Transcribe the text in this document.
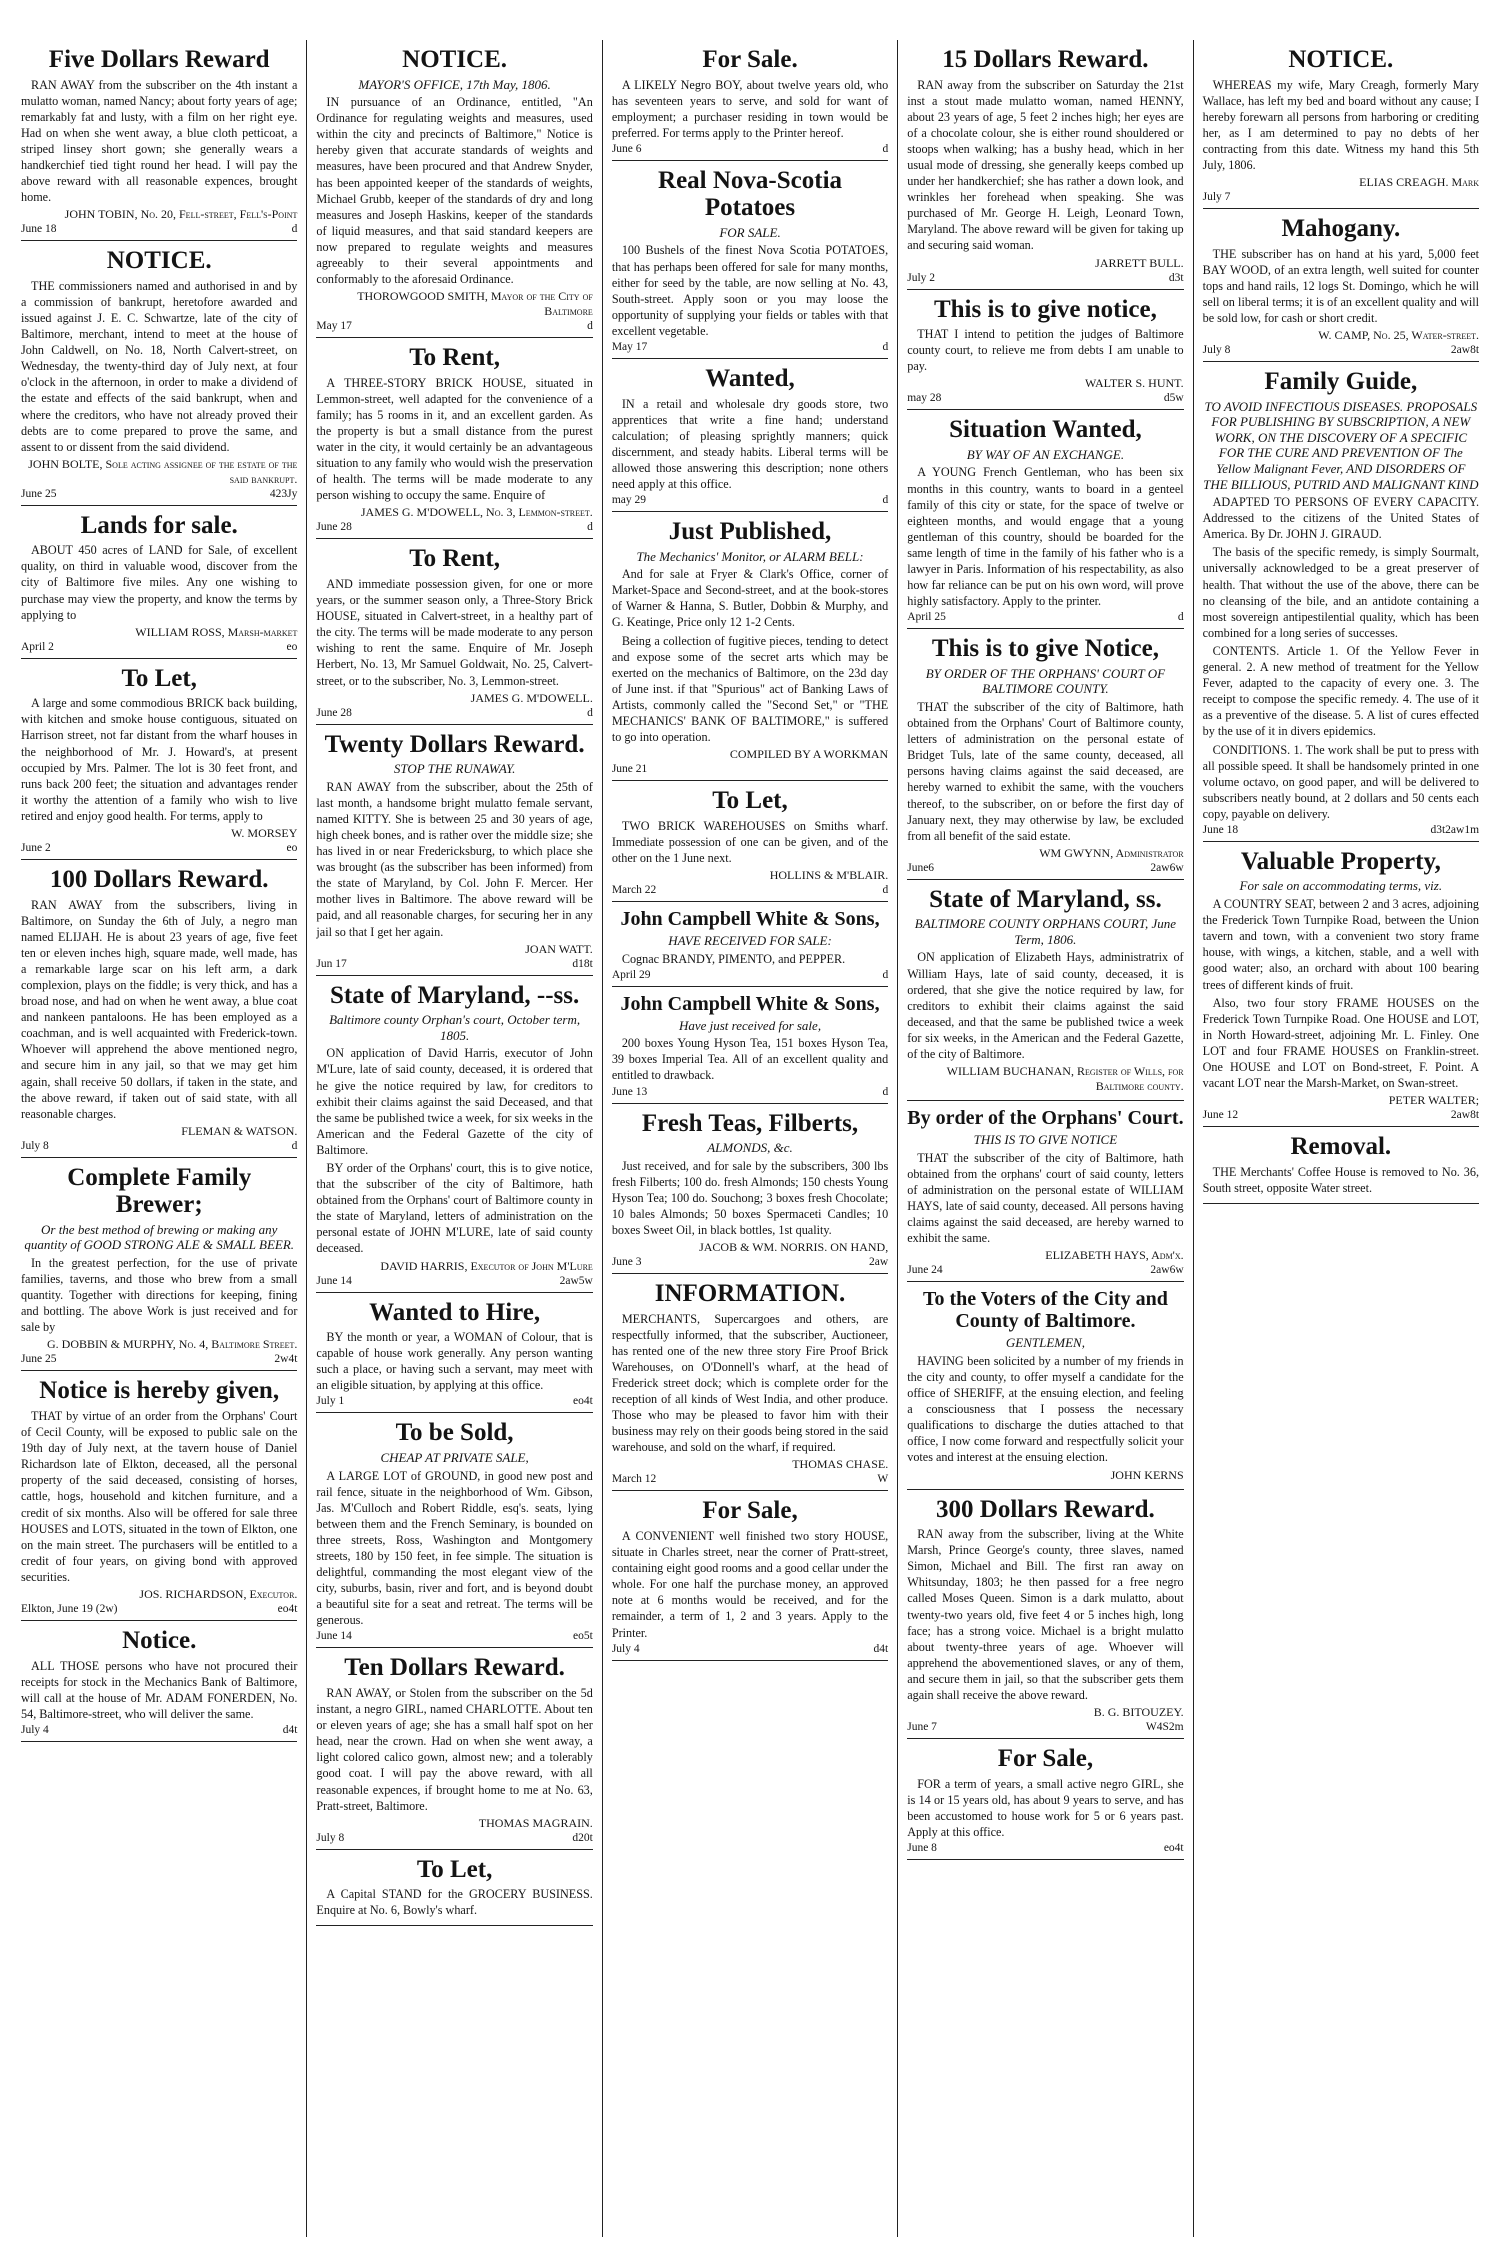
Five Dollars Reward

RAN AWAY from the subscriber on the 4th instant a mulatto woman, named Nancy; about forty years of age; remarkably fat and lusty, with a film on her right eye. Had on when she went away, a blue cloth petticoat, a striped linsey short gown; she generally wears a handkerchief tied tight round her head. I will pay the above reward with all reasonable expences, brought home.

JOHN TOBIN, No. 20, Fell-street, Fell's-Point
June 18	d
NOTICE.

THE commissioners named and authorised in and by a commission of bankrupt, heretofore awarded and issued against J. E. C. Schwartze, late of the city of Baltimore, merchant, intend to meet at the house of John Caldwell, on No. 18, North Calvert-street, on Wednesday, the twenty-third day of July next, at four o'clock in the afternoon, in order to make a dividend of the estate and effects of the said bankrupt, when and where the creditors, who have not already proved their debts are to come prepared to prove the same, and assent to or dissent from the said dividend.

JOHN BOLTE, Sole acting assignee of the estate of the said bankrupt.
June 25	423Jy
Lands for sale.

ABOUT 450 acres of LAND for Sale, of excellent quality, on third in valuable wood, discover from the city of Baltimore five miles. Any one wishing to purchase may view the property, and know the terms by applying to

WILLIAM ROSS, Marsh-market
April 2	eo
To Let,

A large and some commodious BRICK back building, with kitchen and smoke house contiguous, situated on Harrison street, not far distant from the wharf houses in the neighborhood of Mr. J. Howard's, at present occupied by Mrs. Palmer. The lot is 30 feet front, and runs back 200 feet; the situation and advantages render it worthy the attention of a family who wish to live retired and enjoy good health. For terms, apply to

W. MORSEY
June 2	eo
100 Dollars Reward.

RAN AWAY from the subscribers, living in Baltimore, on Sunday the 6th of July, a negro man named ELIJAH. He is about 23 years of age, five feet ten or eleven inches high, square made, well made, has a remarkable large scar on his left arm, a dark complexion, plays on the fiddle; is very thick, and has a broad nose, and had on when he went away, a blue coat and nankeen pantaloons. He has been employed as a coachman, and is well acquainted with Frederick-town. Whoever will apprehend the above mentioned negro, and secure him in any jail, so that we may get him again, shall receive 50 dollars, if taken in the state, and the above reward, if taken out of said state, with all reasonable charges.

FLEMAN & WATSON.
July 8	d
Complete Family Brewer;
Or the best method of brewing or making any quantity of GOOD STRONG ALE & SMALL BEER.

In the greatest perfection, for the use of private families, taverns, and those who brew from a small quantity. Together with directions for keeping, fining and bottling. The above Work is just received and for sale by

G. DOBBIN & MURPHY, No. 4, Baltimore Street.
June 25	2w4t
Notice is hereby given,

THAT by virtue of an order from the Orphans' Court of Cecil County, will be exposed to public sale on the 19th day of July next, at the tavern house of Daniel Richardson late of Elkton, deceased, all the personal property of the said deceased, consisting of horses, cattle, hogs, household and kitchen furniture, and a credit of six months. Also will be offered for sale three HOUSES and LOTS, situated in the town of Elkton, one on the main street. The purchasers will be entitled to a credit of four years, on giving bond with approved securities.

JOS. RICHARDSON, Executor.
Elkton, June 19 (2w)	eo4t
Notice.

ALL THOSE persons who have not procured their receipts for stock in the Mechanics Bank of Baltimore, will call at the house of Mr. ADAM FONERDEN, No. 54, Baltimore-street, who will deliver the same.

July 4	d4t
NOTICE.
MAYOR'S OFFICE, 17th May, 1806.

IN pursuance of an Ordinance, entitled, "An Ordinance for regulating weights and measures, used within the city and precincts of Baltimore," Notice is hereby given that accurate standards of weights and measures, have been procured and that Andrew Snyder, has been appointed keeper of the standards of weights, Michael Grubb, keeper of the standards of dry and long measures and Joseph Haskins, keeper of the standards of liquid measures, and that said standard keepers are now prepared to regulate weights and measures agreeably to their several appointments and conformably to the aforesaid Ordinance.

THOROWGOOD SMITH, Mayor of the City of Baltimore
May 17	d
To Rent,

A THREE-STORY BRICK HOUSE, situated in Lemmon-street, well adapted for the convenience of a family; has 5 rooms in it, and an excellent garden. As the property is but a small distance from the purest water in the city, it would certainly be an advantageous situation to any family who would wish the preservation of health. The terms will be made moderate to any person wishing to occupy the same. Enquire of

JAMES G. M'DOWELL, No. 3, Lemmon-street.
June 28	d
To Rent,

AND immediate possession given, for one or more years, or the summer season only, a Three-Story Brick HOUSE, situated in Calvert-street, in a healthy part of the city. The terms will be made moderate to any person wishing to rent the same. Enquire of Mr. Joseph Herbert, No. 13, Mr Samuel Goldwait, No. 25, Calvert-street, or to the subscriber, No. 3, Lemmon-street.

JAMES G. M'DOWELL.
June 28	d
Twenty Dollars Reward.
STOP THE RUNAWAY.

RAN AWAY from the subscriber, about the 25th of last month, a handsome bright mulatto female servant, named KITTY. She is between 25 and 30 years of age, high cheek bones, and is rather over the middle size; she has lived in or near Fredericksburg, to which place she was brought (as the subscriber has been informed) from the state of Maryland, by Col. John F. Mercer. Her mother lives in Baltimore. The above reward will be paid, and all reasonable charges, for securing her in any jail so that I get her again.

JOAN WATT.
Jun 17	d18t
State of Maryland, --ss.
Baltimore county Orphan's court, October term, 1805.

ON application of David Harris, executor of John M'Lure, late of said county, deceased, it is ordered that he give the notice required by law, for creditors to exhibit their claims against the said Deceased, and that the same be published twice a week, for six weeks in the American and the Federal Gazette of the city of Baltimore.

BY order of the Orphans' court, this is to give notice, that the subscriber of the city of Baltimore, hath obtained from the Orphans' court of Baltimore county in the state of Maryland, letters of administration on the personal estate of JOHN M'LURE, late of said county deceased.

DAVID HARRIS, Executor of John M'Lure
June 14	2aw5w
Wanted to Hire,

BY the month or year, a WOMAN of Colour, that is capable of house work generally. Any person wanting such a place, or having such a servant, may meet with an eligible situation, by applying at this office.

July 1	eo4t
To be Sold,
CHEAP AT PRIVATE SALE,

A LARGE LOT of GROUND, in good new post and rail fence, situate in the neighborhood of Wm. Gibson, Jas. M'Culloch and Robert Riddle, esq's. seats, lying between them and the French Seminary, is bounded on three streets, Ross, Washington and Montgomery streets, 180 by 150 feet, in fee simple. The situation is delightful, commanding the most elegant view of the city, suburbs, basin, river and fort, and is beyond doubt a beautiful site for a seat and retreat. The terms will be generous.

June 14	eo5t
Ten Dollars Reward.

RAN AWAY, or Stolen from the subscriber on the 5d instant, a negro GIRL, named CHARLOTTE. About ten or eleven years of age; she has a small half spot on her head, near the crown. Had on when she went away, a light colored calico gown, almost new; and a tolerably good coat. I will pay the above reward, with all reasonable expences, if brought home to me at No. 63, Pratt-street, Baltimore.

THOMAS MAGRAIN.
July 8	d20t
To Let,

A Capital STAND for the GROCERY BUSINESS. Enquire at No. 6, Bowly's wharf.

For Sale.

A LIKELY Negro BOY, about twelve years old, who has seventeen years to serve, and sold for want of employment; a purchaser residing in town would be preferred. For terms apply to the Printer hereof.

June 6	d
Real Nova-Scotia Potatoes
FOR SALE.

100 Bushels of the finest Nova Scotia POTATOES, that has perhaps been offered for sale for many months, either for seed by the table, are now selling at No. 43, South-street. Apply soon or you may loose the opportunity of supplying your fields or tables with that excellent vegetable.

May 17	d
Wanted,

IN a retail and wholesale dry goods store, two apprentices that write a fine hand; understand calculation; of pleasing sprightly manners; quick discernment, and steady habits. Liberal terms will be allowed those answering this description; none others need apply at this office.

may 29	d
Just Published,
The Mechanics' Monitor, or ALARM BELL:

And for sale at Fryer & Clark's Office, corner of Market-Space and Second-street, and at the book-stores of Warner & Hanna, S. Butler, Dobbin & Murphy, and G. Keatinge, Price only 12 1-2 Cents.

Being a collection of fugitive pieces, tending to detect and expose some of the secret arts which may be exerted on the mechanics of Baltimore, on the 23d day of June inst. if that "Spurious" act of Banking Laws of Artists, commonly called the "Second Set," or "THE MECHANICS' BANK OF BALTIMORE," is suffered to go into operation.

COMPILED BY A WORKMAN
June 21
To Let,

TWO BRICK WAREHOUSES on Smiths wharf. Immediate possession of one can be given, and of the other on the 1 June next.

HOLLINS & M'BLAIR.
March 22	d
John Campbell White & Sons,
HAVE RECEIVED FOR SALE:

Cognac BRANDY, PIMENTO, and PEPPER.

April 29	d
John Campbell White & Sons,
Have just received for sale,

200 boxes Young Hyson Tea, 151 boxes Hyson Tea, 39 boxes Imperial Tea. All of an excellent quality and entitled to drawback.

June 13	d
Fresh Teas, Filberts,
ALMONDS, &c.

Just received, and for sale by the subscribers, 300 lbs fresh Filberts; 100 do. fresh Almonds; 150 chests Young Hyson Tea; 100 do. Souchong; 3 boxes fresh Chocolate; 10 bales Almonds; 50 boxes Spermaceti Candles; 10 boxes Sweet Oil, in black bottles, 1st quality.

JACOB & WM. NORRIS. ON HAND,
June 3	2aw
INFORMATION.

MERCHANTS, Supercargoes and others, are respectfully informed, that the subscriber, Auctioneer, has rented one of the new three story Fire Proof Brick Warehouses, on O'Donnell's wharf, at the head of Frederick street dock; which is complete order for the reception of all kinds of West India, and other produce. Those who may be pleased to favor him with their business may rely on their goods being stored in the said warehouse, and sold on the wharf, if required.

THOMAS CHASE.
March 12	W
For Sale,

A CONVENIENT well finished two story HOUSE, situate in Charles street, near the corner of Pratt-street, containing eight good rooms and a good cellar under the whole. For one half the purchase money, an approved note at 6 months would be received, and for the remainder, a term of 1, 2 and 3 years. Apply to the Printer.

July 4	d4t
15 Dollars Reward.

RAN away from the subscriber on Saturday the 21st inst a stout made mulatto woman, named HENNY, about 23 years of age, 5 feet 2 inches high; her eyes are of a chocolate colour, she is either round shouldered or stoops when walking; has a bushy head, which in her usual mode of dressing, she generally keeps combed up under her handkerchief; she has rather a down look, and wrinkles her forehead when speaking. She was purchased of Mr. George H. Leigh, Leonard Town, Maryland. The above reward will be given for taking up and securing said woman.

JARRETT BULL.
July 2	d3t
This is to give notice,

THAT I intend to petition the judges of Baltimore county court, to relieve me from debts I am unable to pay.

WALTER S. HUNT.
may 28	d5w
Situation Wanted,
BY WAY OF AN EXCHANGE.

A YOUNG French Gentleman, who has been six months in this country, wants to board in a genteel family of this city or state, for the space of twelve or eighteen months, and would engage that a young gentleman of this country, should be boarded for the same length of time in the family of his father who is a lawyer in Paris. Information of his respectability, as also how far reliance can be put on his own word, will prove highly satisfactory. Apply to the printer.

April 25	d
This is to give Notice,
BY ORDER OF THE ORPHANS' COURT OF BALTIMORE COUNTY.

THAT the subscriber of the city of Baltimore, hath obtained from the Orphans' Court of Baltimore county, letters of administration on the personal estate of Bridget Tuls, late of the same county, deceased, all persons having claims against the said deceased, are hereby warned to exhibit the same, with the vouchers thereof, to the subscriber, on or before the first day of January next, they may otherwise by law, be excluded from all benefit of the said estate.

WM GWYNN, Administrator
June6	2aw6w
State of Maryland, ss.
BALTIMORE COUNTY ORPHANS COURT, June Term, 1806.

ON application of Elizabeth Hays, administratrix of William Hays, late of said county, deceased, it is ordered, that she give the notice required by law, for creditors to exhibit their claims against the said deceased, and that the same be published twice a week for six weeks, in the American and the Federal Gazette, of the city of Baltimore.

WILLIAM BUCHANAN, Register of Wills, for Baltimore county.
By order of the Orphans' Court.
THIS IS TO GIVE NOTICE

THAT the subscriber of the city of Baltimore, hath obtained from the orphans' court of said county, letters of administration on the personal estate of WILLIAM HAYS, late of said county, deceased. All persons having claims against the said deceased, are hereby warned to exhibit the same.

ELIZABETH HAYS, Adm'x.
June 24	2aw6w
To the Voters of the City and County of Baltimore.
GENTLEMEN,

HAVING been solicited by a number of my friends in the city and county, to offer myself a candidate for the office of SHERIFF, at the ensuing election, and feeling a consciousness that I possess the necessary qualifications to discharge the duties attached to that office, I now come forward and respectfully solicit your votes and interest at the ensuing election.

JOHN KERNS
300 Dollars Reward.

RAN away from the subscriber, living at the White Marsh, Prince George's county, three slaves, named Simon, Michael and Bill. The first ran away on Whitsunday, 1803; he then passed for a free negro called Moses Queen. Simon is a dark mulatto, about twenty-two years old, five feet 4 or 5 inches high, long face; has a strong voice. Michael is a bright mulatto about twenty-three years of age. Whoever will apprehend the abovementioned slaves, or any of them, and secure them in jail, so that the subscriber gets them again shall receive the above reward.

B. G. BITOUZEY.
June 7	W4S2m
For Sale,

FOR a term of years, a small active negro GIRL, she is 14 or 15 years old, has about 9 years to serve, and has been accustomed to house work for 5 or 6 years past. Apply at this office.

June 8	eo4t
NOTICE.

WHEREAS my wife, Mary Creagh, formerly Mary Wallace, has left my bed and board without any cause; I hereby forewarn all persons from harboring or crediting her, as I am determined to pay no debts of her contracting from this date. Witness my hand this 5th July, 1806.

ELIAS CREAGH. Mark
July 7
Mahogany.

THE subscriber has on hand at his yard, 5,000 feet BAY WOOD, of an extra length, well suited for counter tops and hand rails, 12 logs St. Domingo, which he will sell on liberal terms; it is of an excellent quality and will be sold low, for cash or short credit.

W. CAMP, No. 25, Water-street.
July 8	2aw8t
Family Guide,
TO AVOID INFECTIOUS DISEASES. PROPOSALS FOR PUBLISHING BY SUBSCRIPTION, A NEW WORK, ON THE DISCOVERY OF A SPECIFIC FOR THE CURE AND PREVENTION OF The Yellow Malignant Fever, AND DISORDERS OF THE BILLIOUS, PUTRID AND MALIGNANT KIND

ADAPTED TO PERSONS OF EVERY CAPACITY. Addressed to the citizens of the United States of America. By Dr. JOHN J. GIRAUD.

The basis of the specific remedy, is simply Sourmalt, universally acknowledged to be a great preserver of health. That without the use of the above, there can be no cleansing of the bile, and an antidote containing a most sovereign antipestilential quality, which has been combined for a long series of successes.

CONTENTS. Article 1. Of the Yellow Fever in general. 2. A new method of treatment for the Yellow Fever, adapted to the capacity of every one. 3. The receipt to compose the specific remedy. 4. The use of it as a preventive of the disease. 5. A list of cures effected by the use of it in divers epidemics.

CONDITIONS. 1. The work shall be put to press with all possible speed. It shall be handsomely printed in one volume octavo, on good paper, and will be delivered to subscribers neatly bound, at 2 dollars and 50 cents each copy, payable on delivery.

June 18	d3t2aw1m
Valuable Property,
For sale on accommodating terms, viz.

A COUNTRY SEAT, between 2 and 3 acres, adjoining the Frederick Town Turnpike Road, between the Union tavern and town, with a convenient two story frame house, with wings, a kitchen, stable, and a well with good water; also, an orchard with about 100 bearing trees of different kinds of fruit.

Also, two four story FRAME HOUSES on the Frederick Town Turnpike Road. One HOUSE and LOT, in North Howard-street, adjoining Mr. L. Finley. One LOT and four FRAME HOUSES on Franklin-street. One HOUSE and LOT on Bond-street, F. Point. A vacant LOT near the Marsh-Market, on Swan-street.

PETER WALTER;
June 12	2aw8t
Removal.

THE Merchants' Coffee House is removed to No. 36, South street, opposite Water street.
